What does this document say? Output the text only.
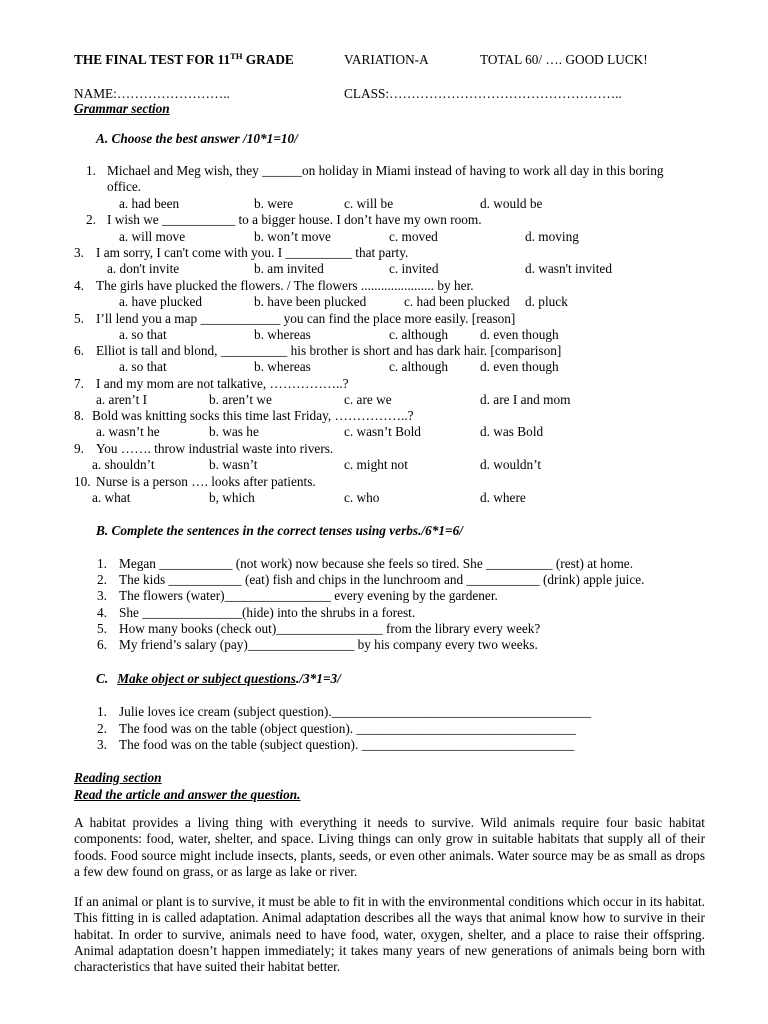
THE FINAL TEST FOR 11TH GRADE	VARIATION-A	TOTAL 60/ …. GOOD LUCK!
NAME:……………………..	CLASS:……………………………………………..
Grammar section
A. Choose the best answer /10*1=10/
1. Michael and Meg wish, they ______on holiday in Miami instead of having to work all day in this boring
office.
a. had been	b. were	c. will be	d. would be
2. I wish we ___________ to a bigger house. I don’t have my own room.
a. will move	b. won’t move	c. moved	d. moving
3. I am sorry, I can't come with you. I __________ that party.
a. don't invite	b. am invited	c. invited	d. wasn't invited
4. The girls have plucked the flowers. / The flowers ...................... by her.
a. have plucked	b. have been plucked	c. had been plucked d. pluck
5. I’ll lend you a map ____________ you can find the place more easily. [reason]
a. so that	b. whereas	c. although d. even though
6. Elliot is tall and blond, __________ his brother is short and has dark hair. [comparison]
a. so that	b. whereas	c. although d. even though
7. I and my mom are not talkative, ……………..?
a. aren’t I	b. aren’t we	c. are we	d. are I and mom
8. Bold was knitting socks this time last Friday, ……………..?
a. wasn’t he	b. was he	c. wasn’t Bold	d. was Bold
9. You ……. throw industrial waste into rivers.
a. shouldn’t	b. wasn’t	c. might not	d. wouldn’t
10. Nurse is a person …. looks after patients.
a. what	b, which	c. who	d. where
B. Complete the sentences in the correct tenses using verbs./6*1=6/
1. Megan ___________ (not work) now because she feels so tired. She __________ (rest) at home.
2. The kids ___________ (eat) fish and chips in the lunchroom and ___________ (drink) apple juice.
3. The flowers (water)________________ every evening by the gardener.
4. She _______________(hide) into the shrubs in a forest.
5. How many books (check out)________________ from the library every week?
6. My friend’s salary (pay)________________ by his company every two weeks.
C. Make object or subject questions./3*1=3/
1. Julie loves ice cream (subject question)._______________________________________
2. The food was on the table (object question). _________________________________
3. The food was on the table (subject question). ________________________________
Reading section
Read the article and answer the question.
A habitat provides a living thing with everything it needs to survive. Wild animals require four basic habitat components: food, water, shelter, and space. Living things can only grow in suitable habitats that supply all of their foods. Food source might include insects, plants, seeds, or even other animals. Water source may be as small as drops a few dew found on grass, or as large as lake or river.
If an animal or plant is to survive, it must be able to fit in with the environmental conditions which occur in its habitat. This fitting in is called adaptation. Animal adaptation describes all the ways that animal know how to survive in their habitat. In order to survive, animals need to have food, water, oxygen, shelter, and a place to raise their offspring. Animal adaptation doesn’t happen immediately; it takes many years of new generations of animals being born with characteristics that have suited their habitat better.
